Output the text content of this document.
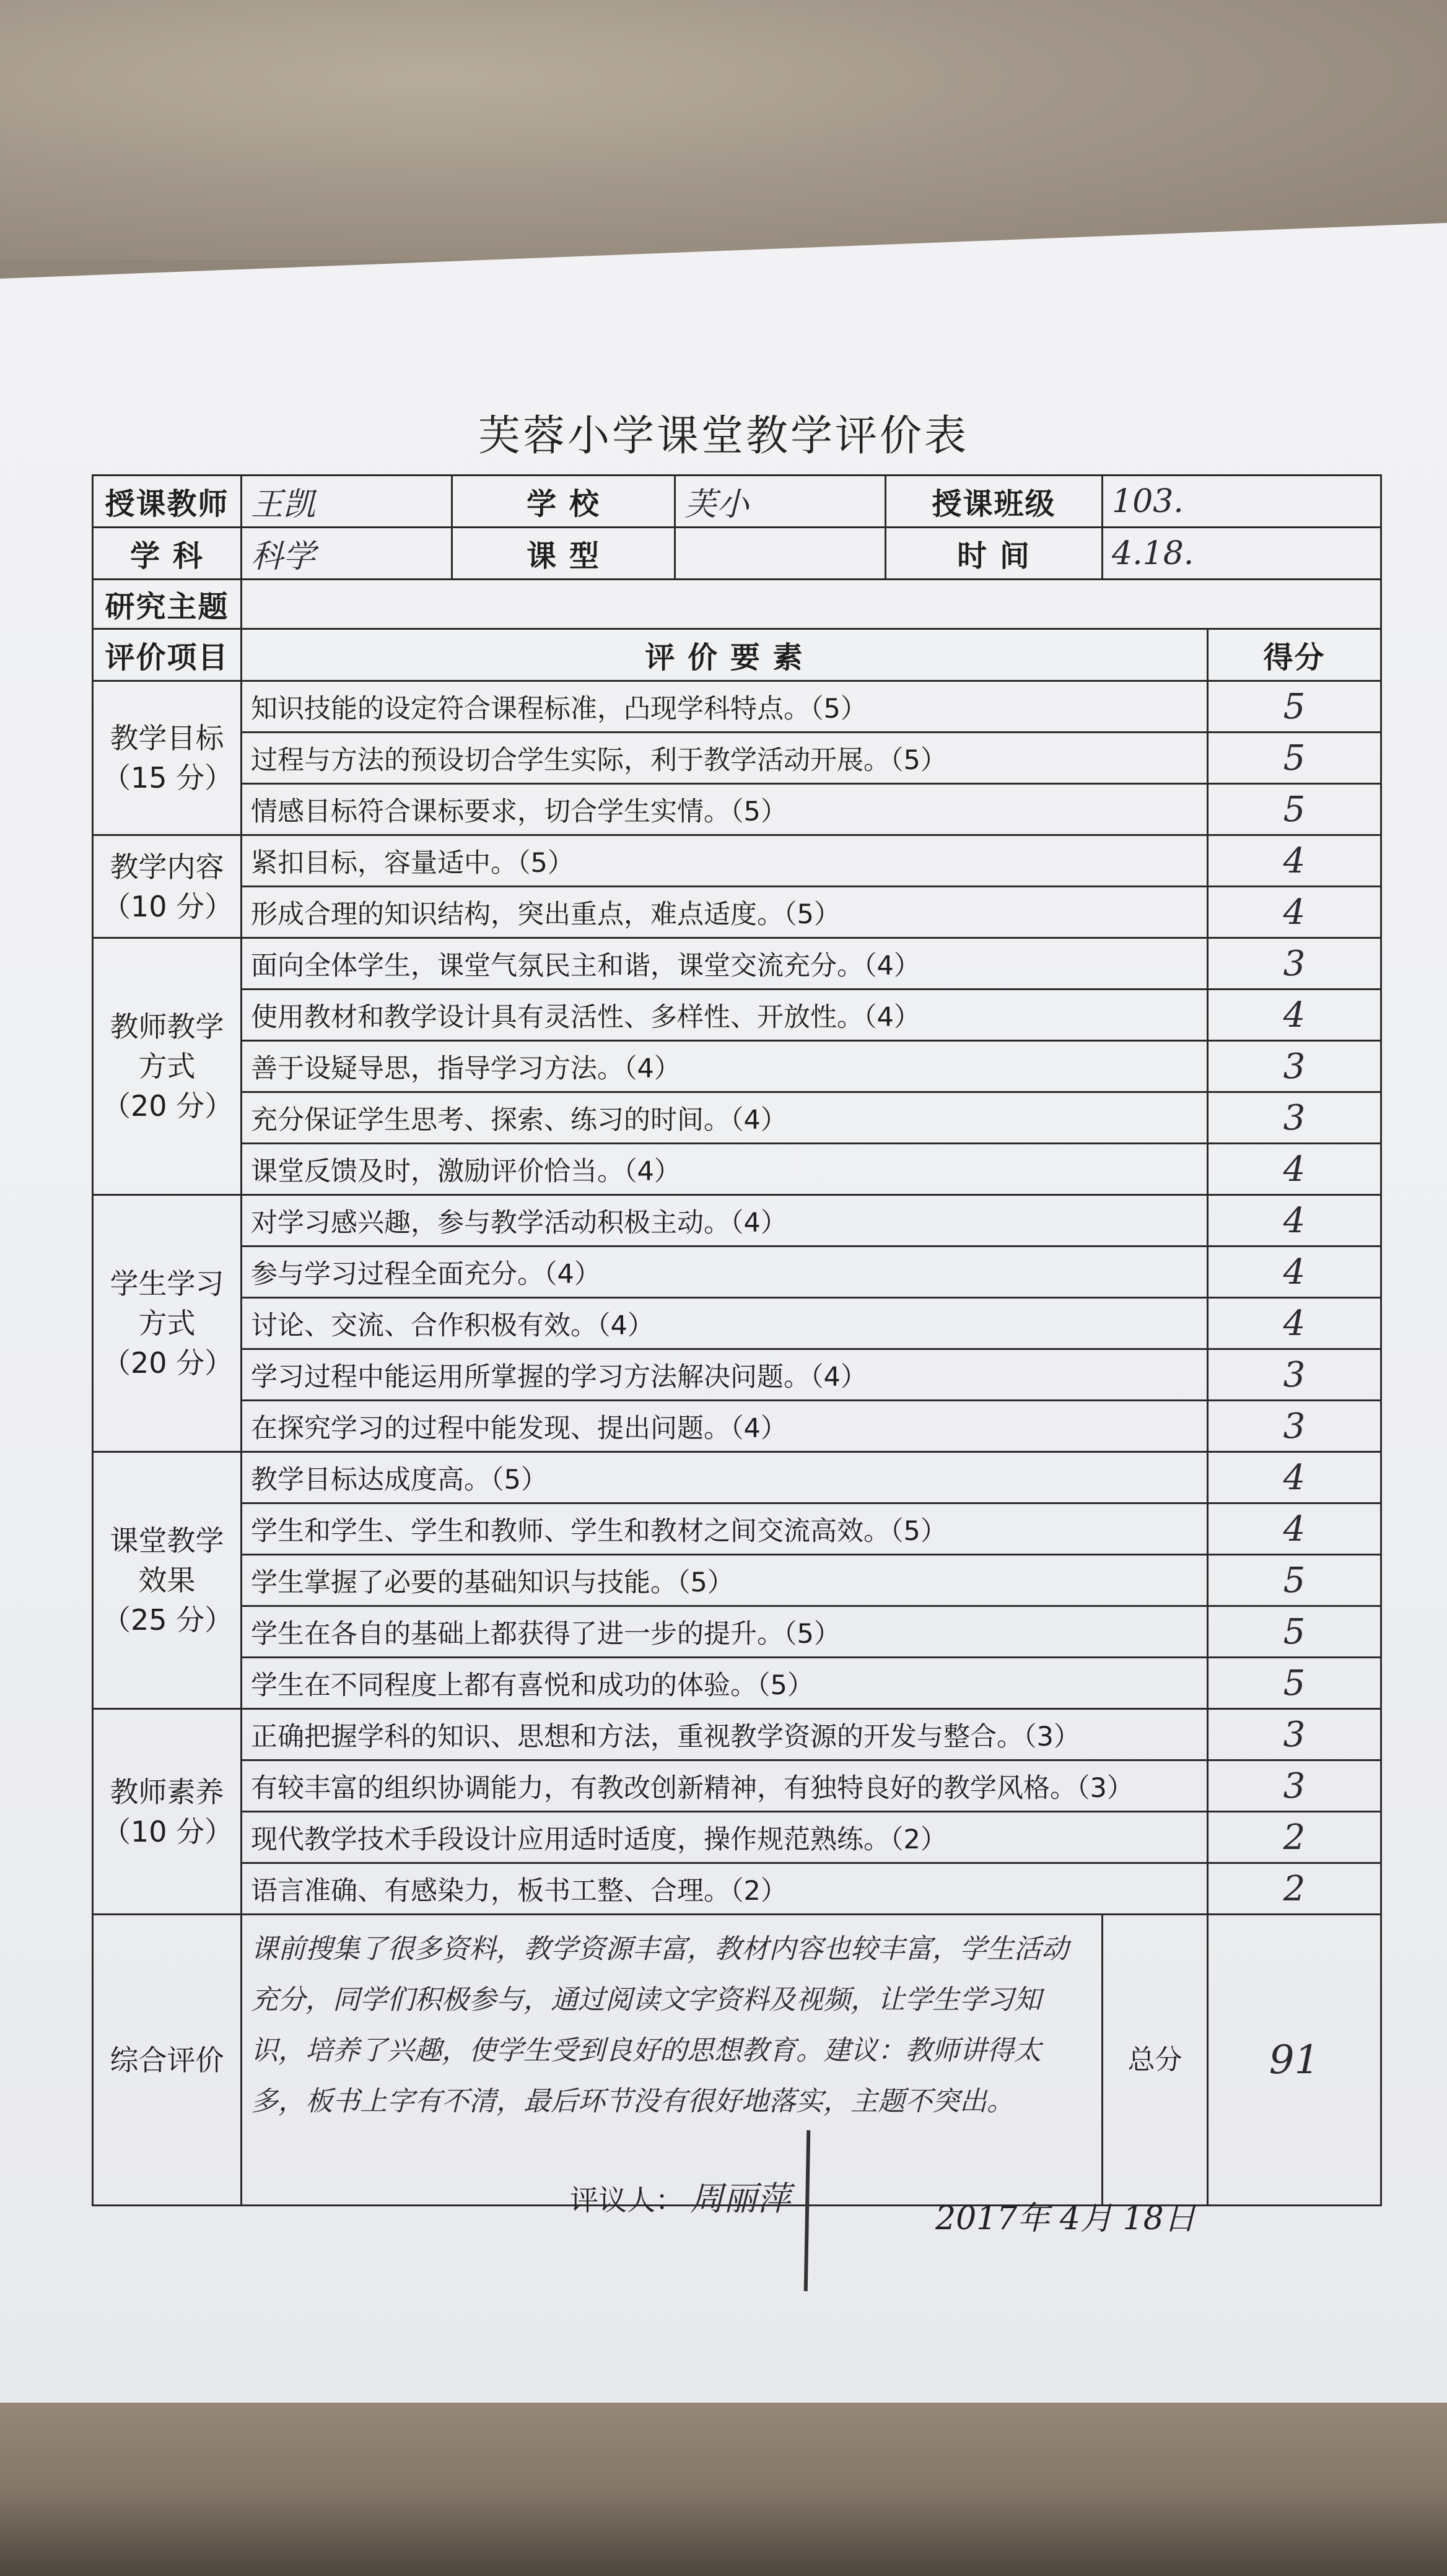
芙蓉小学课堂教学评价表
授课教师	王凯	学 校	芙小	授课班级	103.	
学 科	科学	课 型		时 间	4.18.	
研究主题						
评价项目	评 价 要 素					得分
教学目标 （15 分）	知识技能的设定符合课程标准，凸现学科特点。（5）					5
	过程与方法的预设切合学生实际，利于教学活动开展。（5）					5
	情感目标符合课标要求，切合学生实情。（5）					5
教学内容 （10 分）	紧扣目标，容量适中。（5）					4
	形成合理的知识结构，突出重点，难点适度。（5）					4
教师教学 方式 （20 分）	面向全体学生，课堂气氛民主和谐，课堂交流充分。（4）					3
	使用教材和教学设计具有灵活性、多样性、开放性。（4）					4
	善于设疑导思，指导学习方法。（4）					3
	充分保证学生思考、探索、练习的时间。（4）					3
	课堂反馈及时，激励评价恰当。（4）					4
学生学习 方式 （20 分）	对学习感兴趣，参与教学活动积极主动。（4）					4
	参与学习过程全面充分。（4）					4
	讨论、交流、合作积极有效。（4）					4
	学习过程中能运用所掌握的学习方法解决问题。（4）					3
	在探究学习的过程中能发现、提出问题。（4）					3
课堂教学 效果 （25 分）	教学目标达成度高。（5）					4
	学生和学生、学生和教师、学生和教材之间交流高效。（5）					4
	学生掌握了必要的基础知识与技能。（5）					5
	学生在各自的基础上都获得了进一步的提升。（5）					5
	学生在不同程度上都有喜悦和成功的体验。（5）					5
教师素养 （10 分）	正确把握学科的知识、思想和方法，重视教学资源的开发与整合。（3）					3
	有较丰富的组织协调能力，有教改创新精神，有独特良好的教学风格。（3）					3
	现代教学技术手段设计应用适时适度，操作规范熟练。（2）					2
	语言准确、有感染力，板书工整、合理。（2）					2
综合评价	课前搜集了很多资料，教学资源丰富，教材内容也较丰富，学生活动充分，同学们积极参与，通过阅读文字资料及视频，让学生学习知识，培养了兴趣，使学生受到良好的思想教育。建议：教师讲得太多，板书上字有不清，最后环节没有很好地落实，主题不突出。				总分	91
评议人： 周丽萍
2017年 4月 18日
